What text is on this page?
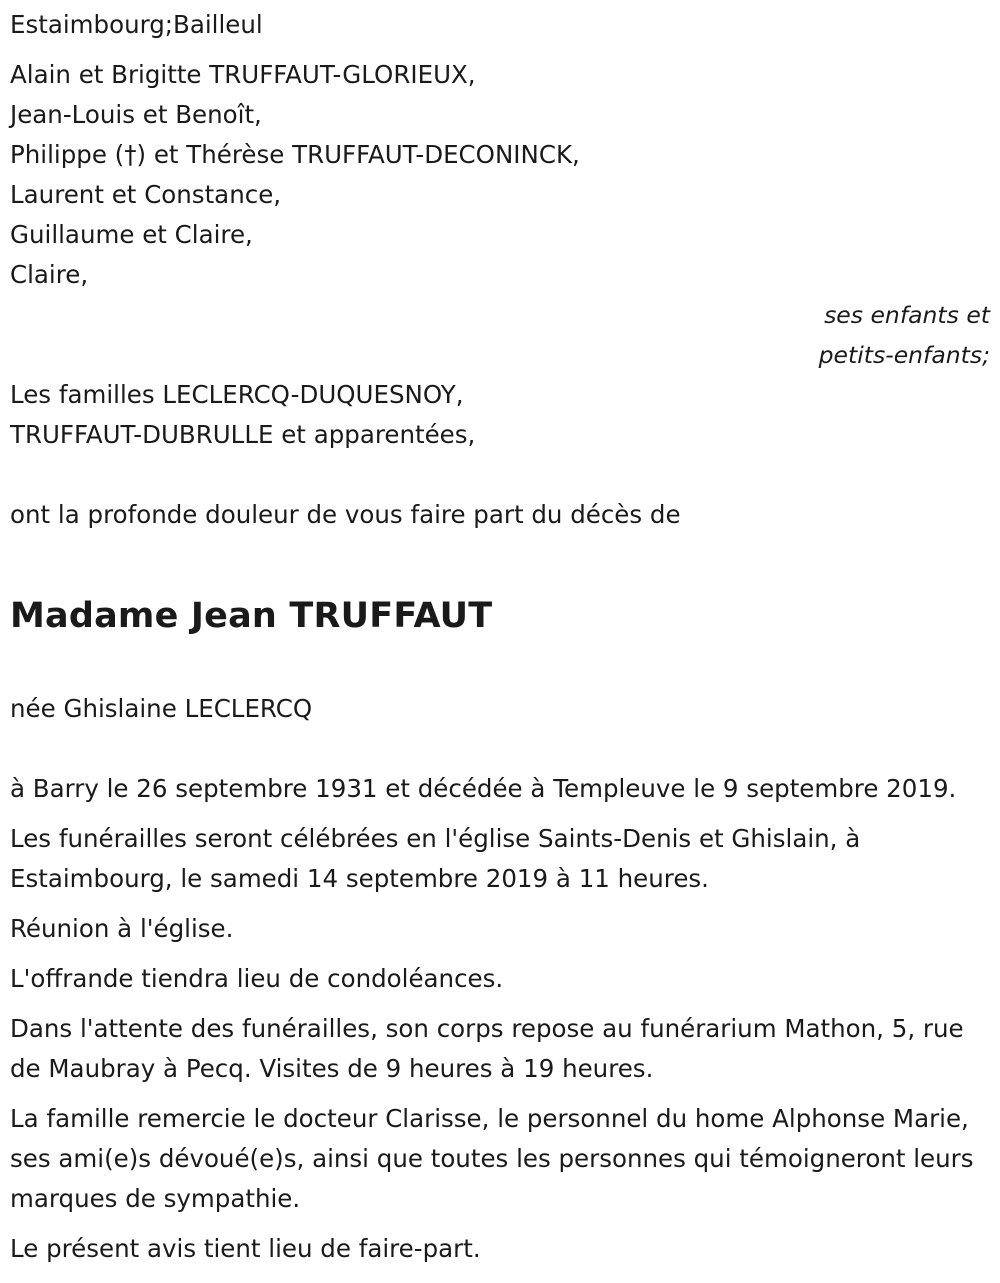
Estaimbourg;Bailleul

Alain et Brigitte TRUFFAUT-GLORIEUX,

Jean-Louis et Benoît,

Philippe (†) et Thérèse TRUFFAUT-DECONINCK,

Laurent et Constance,

Guillaume et Claire,

Claire,

ses enfants et

petits-enfants;

Les familles LECLERCQ-DUQUESNOY,

TRUFFAUT-DUBRULLE et apparentées,

ont la profonde douleur de vous faire part du décès de

Madame Jean TRUFFAUT

née Ghislaine LECLERCQ

à Barry le 26 septembre 1931 et décédée à Templeuve le 9 septembre 2019.

Les funérailles seront célébrées en l'église Saints-Denis et Ghislain, à Estaimbourg, le samedi 14 septembre 2019 à 11 heures.

Réunion à l'église.

L'offrande tiendra lieu de condoléances.

Dans l'attente des funérailles, son corps repose au funérarium Mathon, 5, rue de Maubray à Pecq. Visites de 9 heures à 19 heures.

La famille remercie le docteur Clarisse, le personnel du home Alphonse Marie, ses ami(e)s dévoué(e)s, ainsi que toutes les personnes qui témoigneront leurs marques de sympathie.

Le présent avis tient lieu de faire-part.
